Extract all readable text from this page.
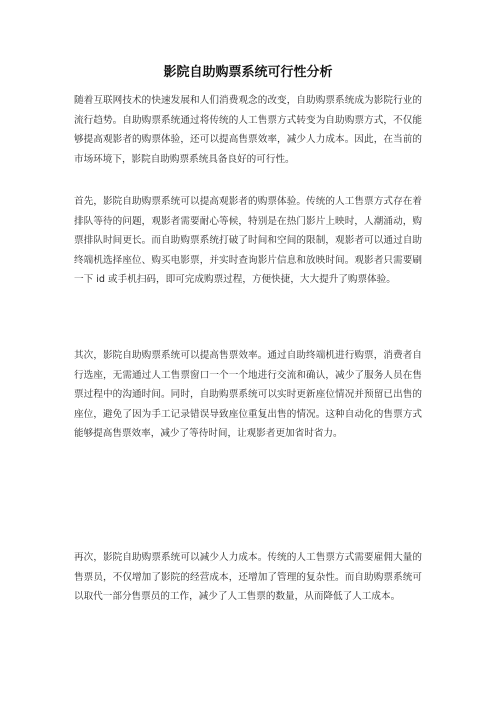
影院自助购票系统可行性分析

随着互联网技术的快速发展和人们消费观念的改变，自助购票系统成为影院行业的流行趋势。自助购票系统通过将传统的人工售票方式转变为自助购票方式，不仅能够提高观影者的购票体验，还可以提高售票效率，减少人力成本。因此，在当前的市场环境下，影院自助购票系统具备良好的可行性。

首先，影院自助购票系统可以提高观影者的购票体验。传统的人工售票方式存在着排队等待的问题，观影者需要耐心等候，特别是在热门影片上映时，人潮涌动，购票排队时间更长。而自助购票系统打破了时间和空间的限制，观影者可以通过自助终端机选择座位、购买电影票，并实时查询影片信息和放映时间。观影者只需要刷一下 id 或手机扫码，即可完成购票过程，方便快捷，大大提升了购票体验。

其次，影院自助购票系统可以提高售票效率。通过自助终端机进行购票，消费者自行选座，无需通过人工售票窗口一个一个地进行交流和确认，减少了服务人员在售票过程中的沟通时间。同时，自助购票系统可以实时更新座位情况并预留已出售的座位，避免了因为手工记录错误导致座位重复出售的情况。这种自动化的售票方式能够提高售票效率，减少了等待时间，让观影者更加省时省力。

再次，影院自助购票系统可以减少人力成本。传统的人工售票方式需要雇佣大量的售票员，不仅增加了影院的经营成本，还增加了管理的复杂性。而自助购票系统可以取代一部分售票员的工作，减少了人工售票的数量，从而降低了人工成本。
